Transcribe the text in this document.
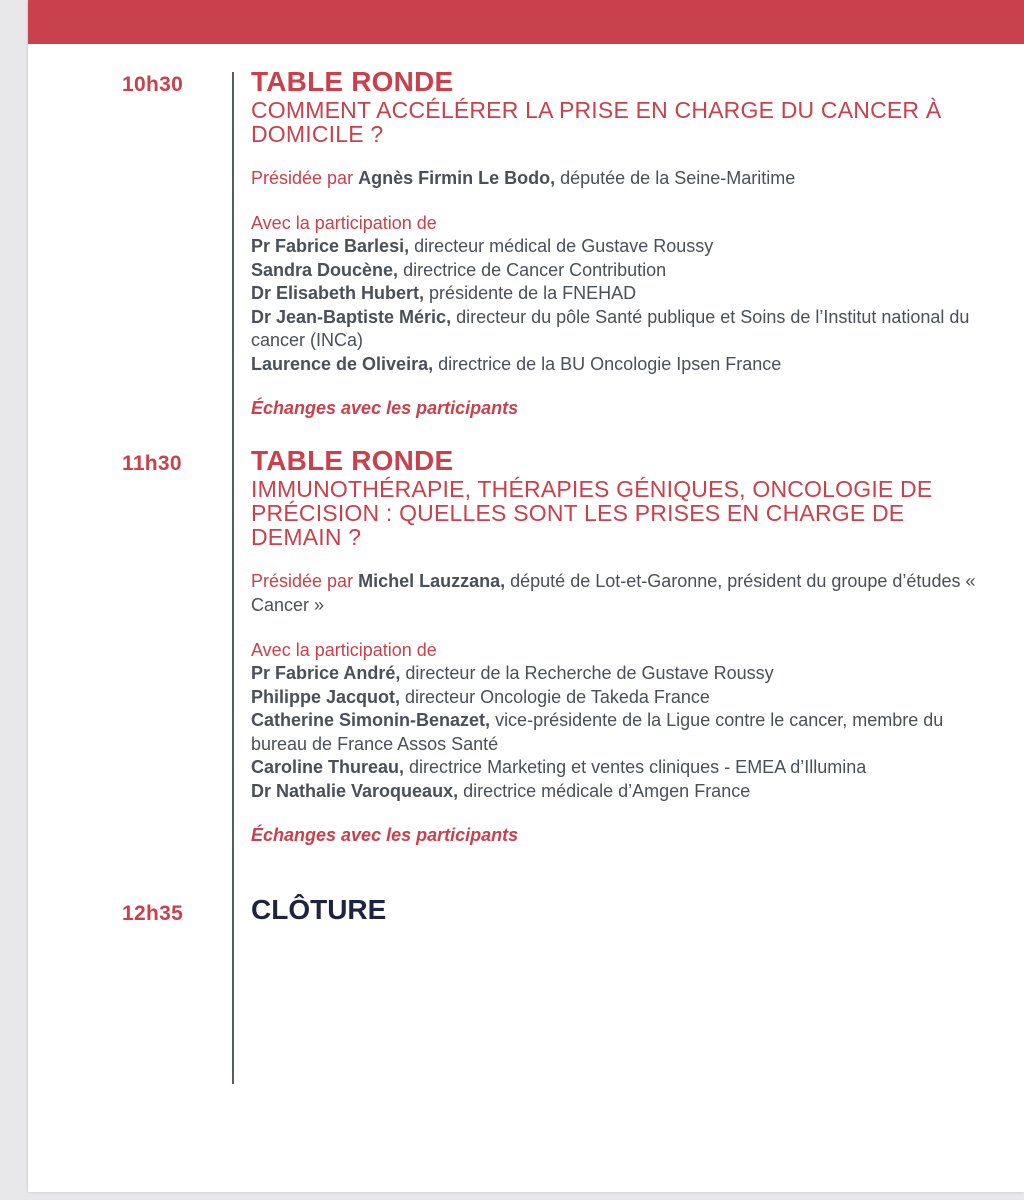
10h30	TABLE RONDE
COMMENT ACCÉLÉRER LA PRISE EN CHARGE DU CANCER À DOMICILE ?
Présidée par Agnès Firmin Le Bodo, députée de la Seine-Maritime
Avec la participation de
Pr Fabrice Barlesi, directeur médical de Gustave Roussy
Sandra Doucène, directrice de Cancer Contribution
Dr Elisabeth Hubert, présidente de la FNEHAD
Dr Jean-Baptiste Méric, directeur du pôle Santé publique et Soins de l’Institut national du cancer (INCa)
Laurence de Oliveira, directrice de la BU Oncologie Ipsen France
Échanges avec les participants
11h30	TABLE RONDE
IMMUNOTHÉRAPIE, THÉRAPIES GÉNIQUES, ONCOLOGIE DE PRÉCISION : QUELLES SONT LES PRISES EN CHARGE DE DEMAIN ?
Présidée par Michel Lauzzana, député de Lot-et-Garonne, président du groupe d’études « Cancer »
Avec la participation de
Pr Fabrice André, directeur de la Recherche de Gustave Roussy
Philippe Jacquot, directeur Oncologie de Takeda France
Catherine Simonin-Benazet, vice-présidente de la Ligue contre le cancer, membre du bureau de France Assos Santé
Caroline Thureau, directrice Marketing et ventes cliniques - EMEA d’Illumina
Dr Nathalie Varoqueaux, directrice médicale d’Amgen France
Échanges avec les participants
12h35	CLÔTURE
